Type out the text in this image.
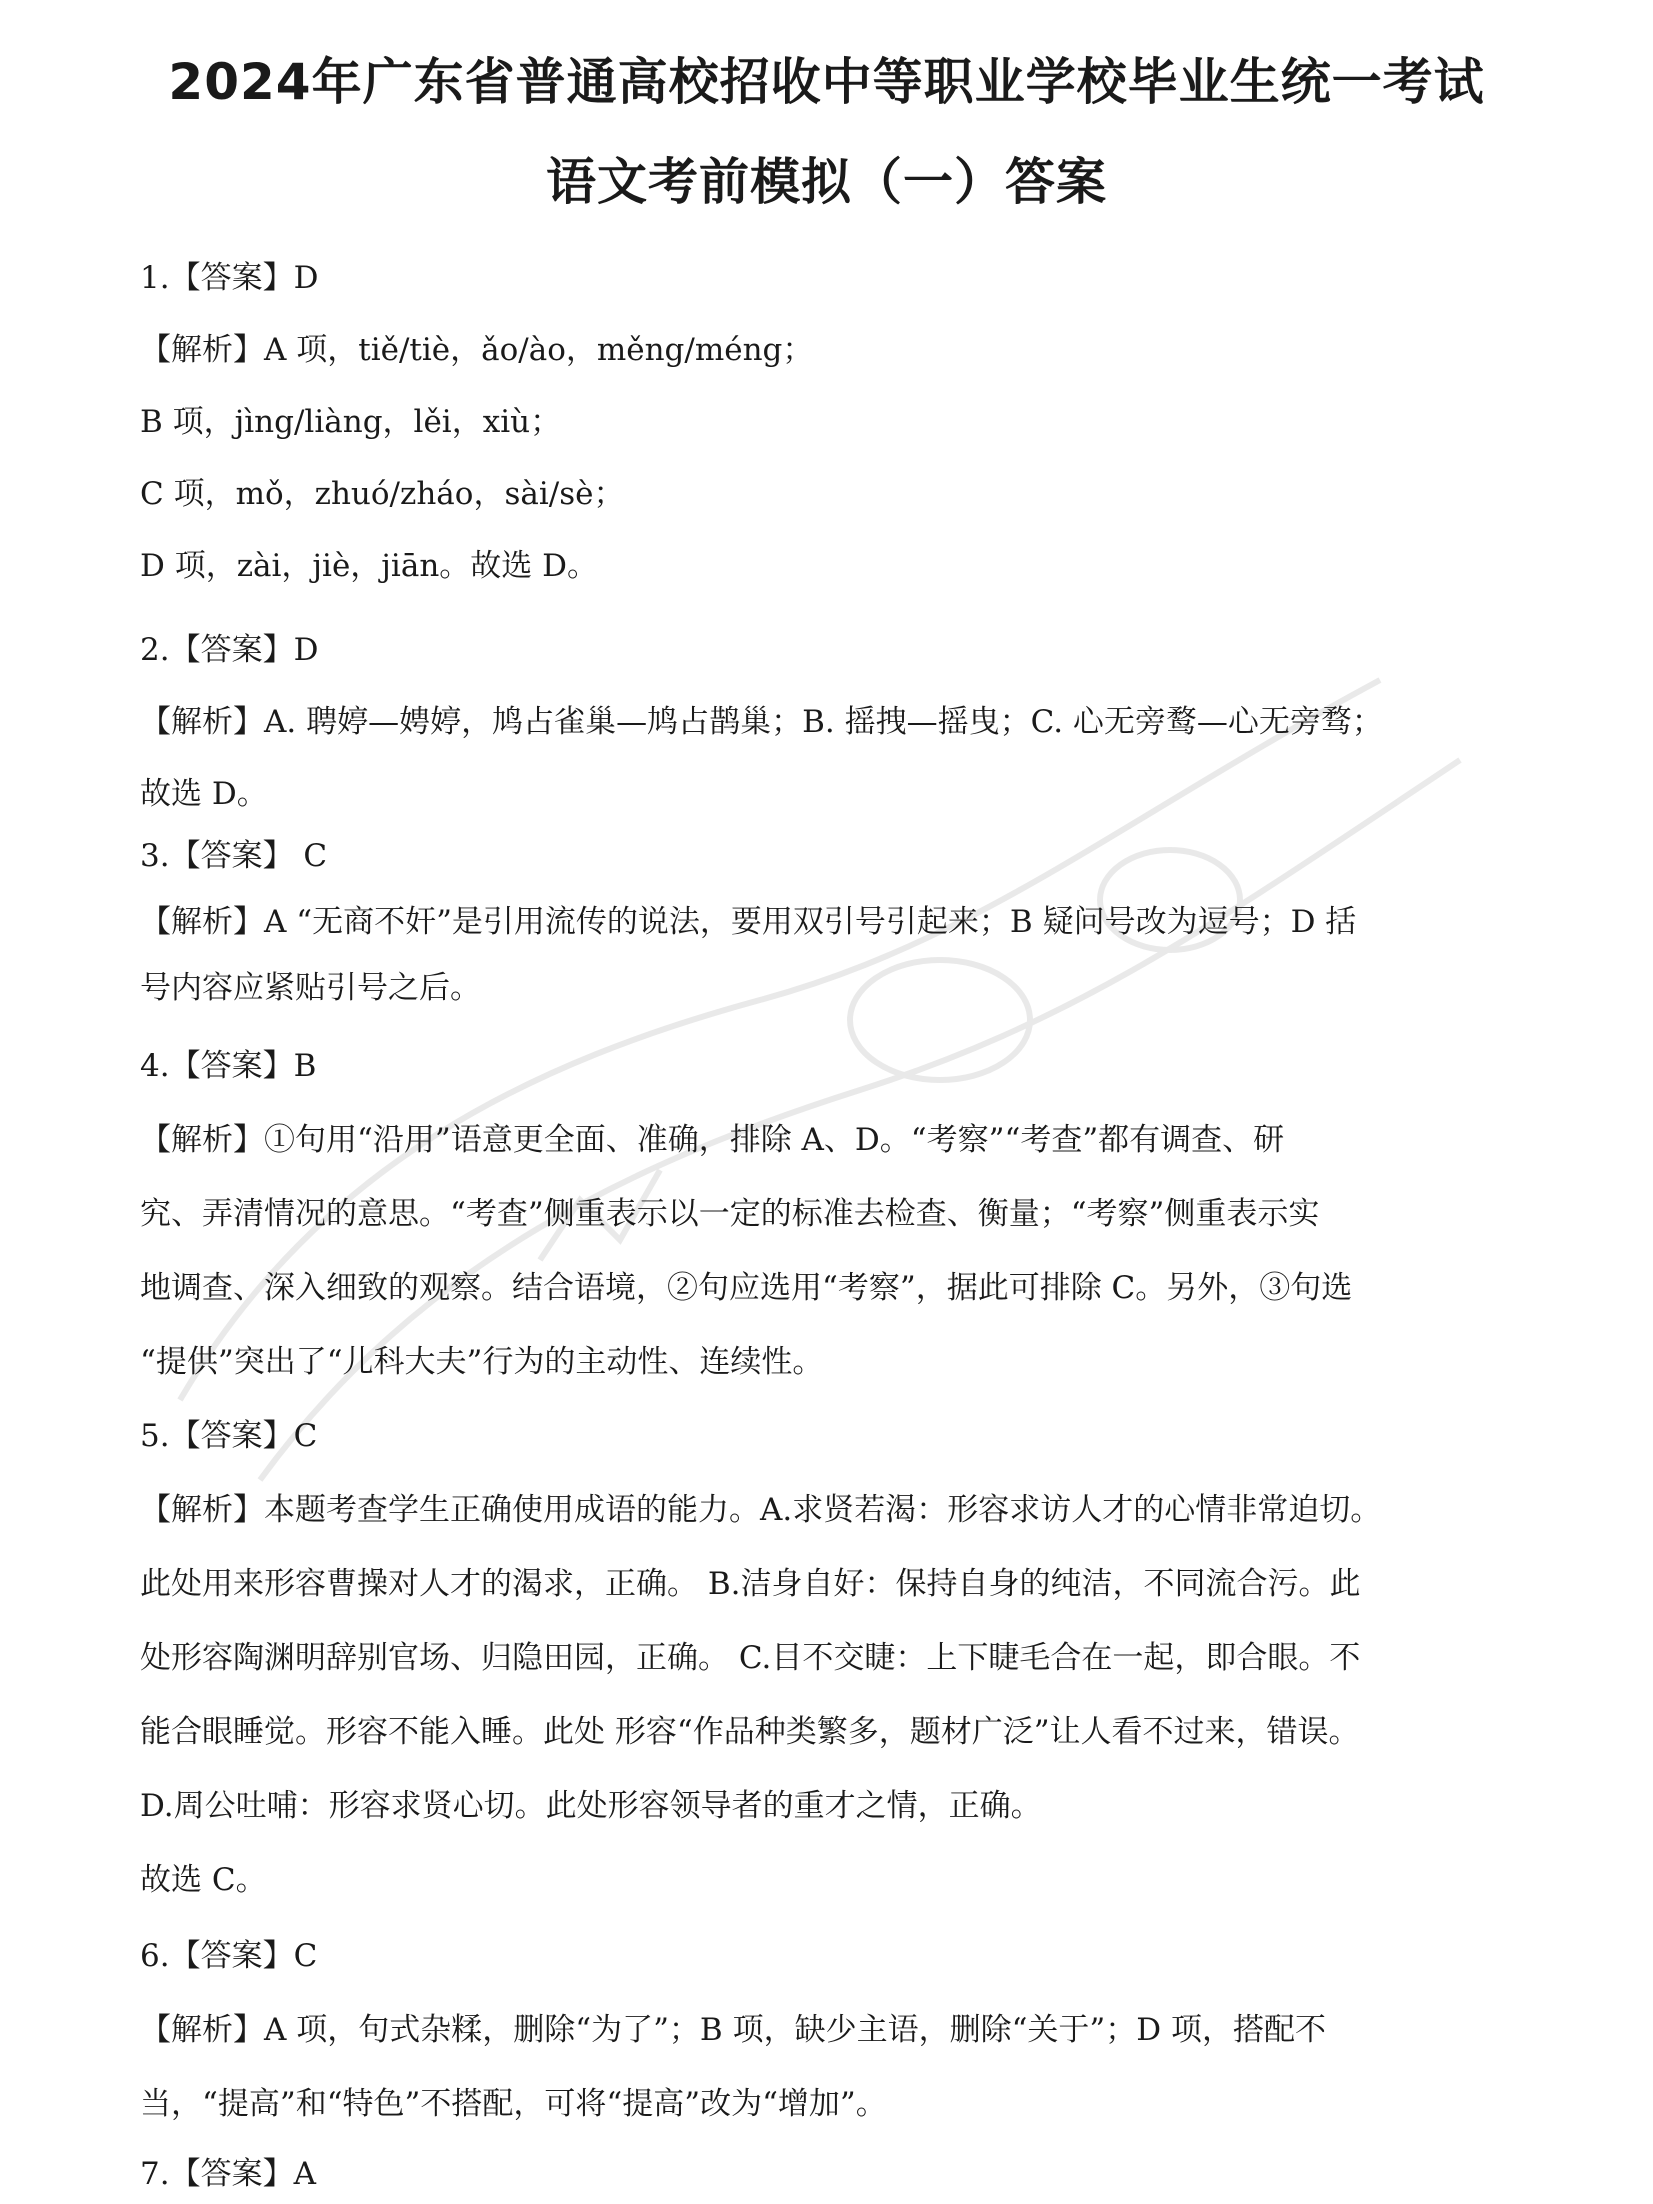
2024年广东省普通高校招收中等职业学校毕业生统一考试
语文考前模拟（一）答案
1.【答案】D
【解析】A 项，tiě/tiè，ǎo/ào，měng/méng；
B 项，jìng/liàng，lěi，xiù；
C 项，mǒ，zhuó/zháo，sài/sè；
D 项，zài，jiè，jiān。故选 D。
2.【答案】D
【解析】A. 聘婷—娉婷，鸠占雀巢—鸠占鹊巢；B. 摇拽—摇曳；C. 心无旁鹜—心无旁骛；
故选 D。
3.【答案】 C
【解析】A “无商不奸”是引用流传的说法，要用双引号引起来；B 疑问号改为逗号；D 括
号内容应紧贴引号之后。
4.【答案】B
【解析】①句用“沿用”语意更全面、准确，排除 A、D。“考察”“考查”都有调查、研
究、弄清情况的意思。“考查”侧重表示以一定的标准去检查、衡量；“考察”侧重表示实
地调查、深入细致的观察。结合语境，②句应选用“考察”，据此可排除 C。另外，③句选
“提供”突出了“儿科大夫”行为的主动性、连续性。
5.【答案】C
【解析】本题考查学生正确使用成语的能力。A.求贤若渴：形容求访人才的心情非常迫切。
此处用来形容曹操对人才的渴求，正确。 B.洁身自好：保持自身的纯洁，不同流合污。此
处形容陶渊明辞别官场、归隐田园，正确。 C.目不交睫：上下睫毛合在一起，即合眼。不
能合眼睡觉。形容不能入睡。此处 形容“作品种类繁多，题材广泛”让人看不过来，错误。
D.周公吐哺：形容求贤心切。此处形容领导者的重才之情，正确。
故选 C。
6.【答案】C
【解析】A 项，句式杂糅，删除“为了”；B 项，缺少主语，删除“关于”；D 项，搭配不
当，“提高”和“特色”不搭配，可将“提高”改为“增加”。
7.【答案】A
